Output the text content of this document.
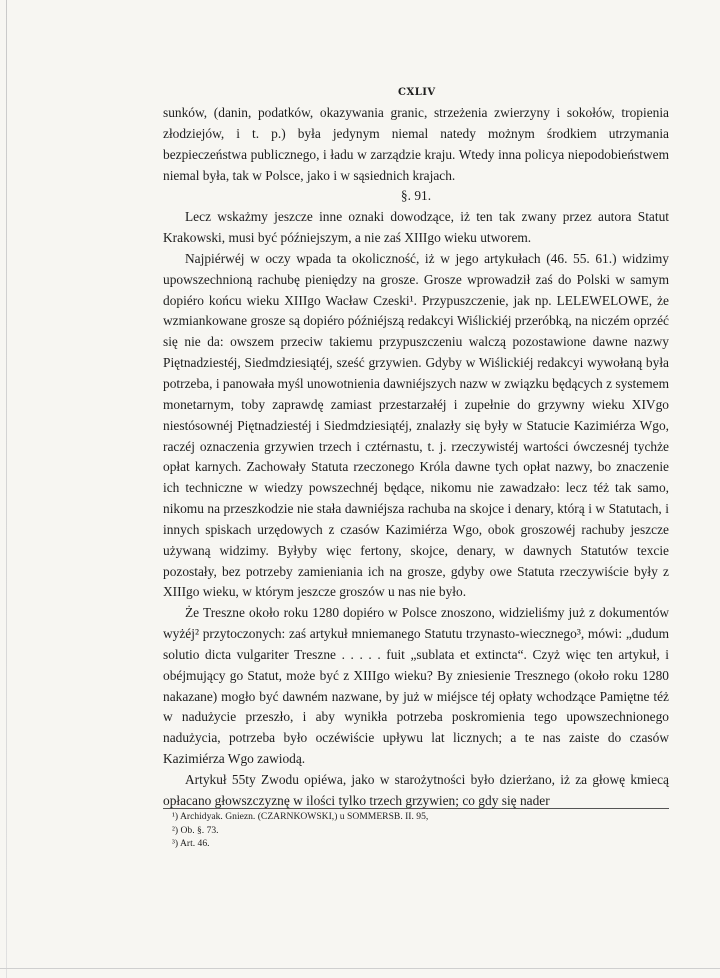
CXLIV

sunków, (danin, podatków, okazywania granic, strzeżenia zwierzyny i sokołów, tropienia złodziejów, i t. p.) była jedynym niemal natedy możnym środkiem utrzymania bezpieczeństwa publicznego, i ładu w zarządzie kraju. Wtedy inna policya niepodobieństwem niemal była, tak w Polsce, jako i w sąsiednich krajach.

§. 91.

Lecz wskażmy jeszcze inne oznaki dowodzące, iż ten tak zwany przez autora Statut Krakowski, musi być późniejszym, a nie zaś XIIIgo wieku utworem.

Najpiérwéj w oczy wpada ta okoliczność, iż w jego artykułach (46. 55. 61.) widzimy upowszechnioną rachubę pieniędzy na grosze. Grosze wprowadził zaś do Polski w samym dopiéro końcu wieku XIIIgo Wacław Czeski¹. Przypuszczenie, jak np. LELEWELOWE, że wzmiankowane grosze są dopiéro późniéjszą redakcyi Wiślickiéj przeróbką, na niczém oprzéć się nie da: owszem przeciw takiemu przypuszczeniu walczą pozostawione dawne nazwy Piętnadziestéj, Siedmdziesiątéj, sześć grzywien. Gdyby w Wiślickiéj redakcyi wywołaną była potrzeba, i panowała myśl unowotnienia dawniéjszych nazw w związku będących z systemem monetarnym, toby zaprawdę zamiast przestarzałéj i zupełnie do grzywny wieku XIVgo niestósownéj Piętnadziestéj i Siedmdziesiątéj, znalazły się były w Statucie Kazimiérza Wgo, raczéj oznaczenia grzywien trzech i cztérnastu, t. j. rzeczywistéj wartości ówczesnéj tychże opłat karnych. Zachowały Statuta rzeczonego Króla dawne tych opłat nazwy, bo znaczenie ich techniczne w wiedzy powszechnéj będące, nikomu nie zawadzało: lecz téż tak samo, nikomu na przeszkodzie nie stała dawniéjsza rachuba na skojce i denary, którą i w Statutach, i innych spiskach urzędowych z czasów Kazimiérza Wgo, obok groszowéj rachuby jeszcze używaną widzimy. Byłyby więc fertony, skojce, denary, w dawnych Statutów texcie pozostały, bez potrzeby zamieniania ich na grosze, gdyby owe Statuta rzeczywiście były z XIIIgo wieku, w którym jeszcze groszów u nas nie było.

Że Treszne około roku 1280 dopiéro w Polsce znoszono, widzieliśmy już z dokumentów wyżéj² przytoczonych: zaś artykuł mniemanego Statutu trzynasto-wiecznego³, mówi: „dudum solutio dicta vulgariter Treszne . . . . . fuit „sublata et extincta“. Czyż więc ten artykuł, i obéjmujący go Statut, może być z XIIIgo wieku? By zniesienie Tresznego (około roku 1280 nakazane) mogło być dawném nazwane, by już w miéjsce téj opłaty wchodzące Pamiętne téż w nadużycie przeszło, i aby wynikła potrzeba poskromienia tego upowszechnionego nadużycia, potrzeba było oczéwiście upływu lat licznych; a te nas zaiste do czasów Kazimiérza Wgo zawiodą.

Artykuł 55ty Zwodu opiéwa, jako w starożytności było dzierżano, iż za głowę kmiecą opłacano głowszczyznę w ilości tylko trzech grzywien; co gdy się nader

¹) Archidyak. Gniezn. (CZARNKOWSKI,) u SOMMERSB. II. 95,
²) Ob. §. 73.
³) Art. 46.
